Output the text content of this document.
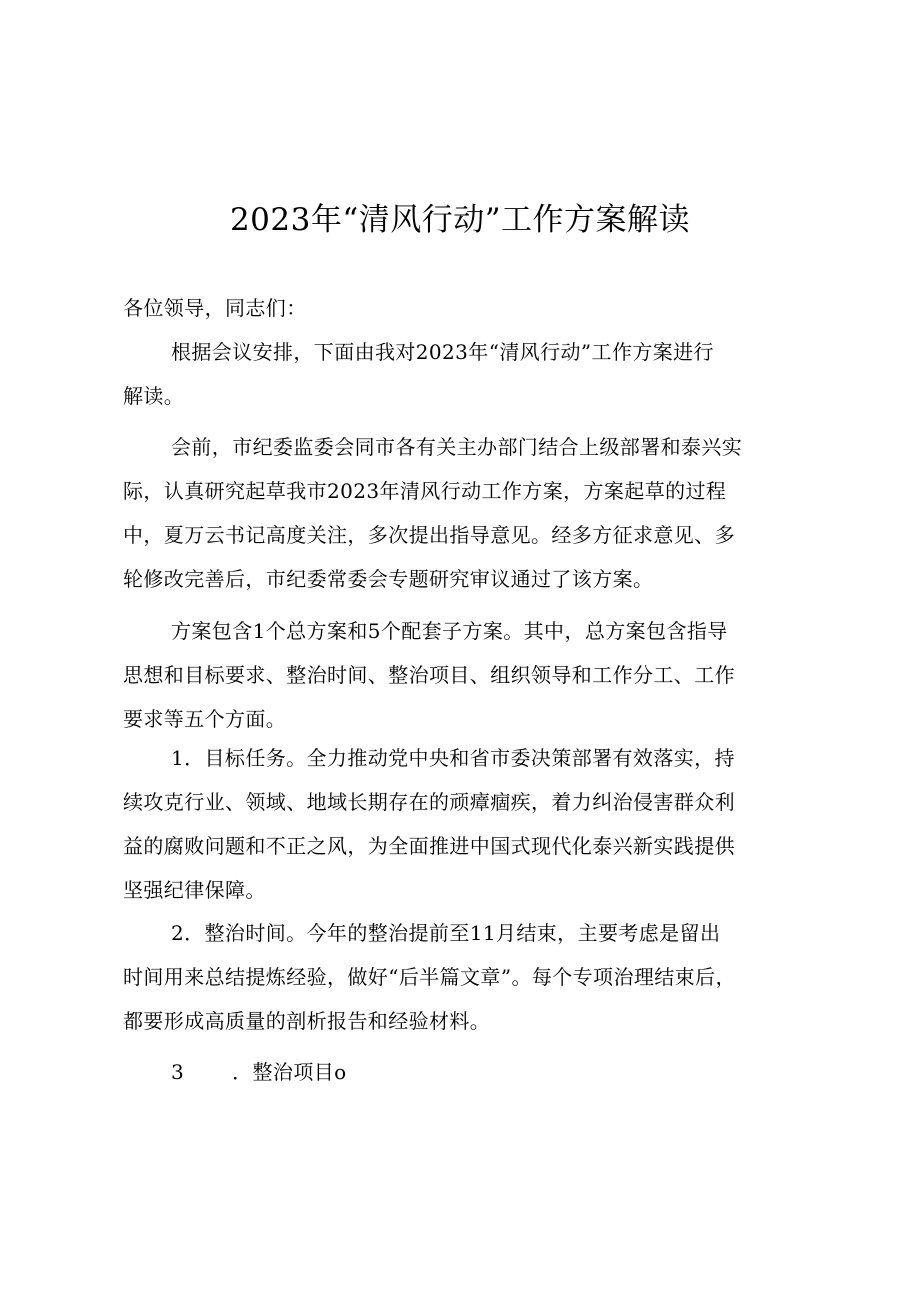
2023年“清风行动”工作方案解读
各位领导，同志们：
根据会议安排，下面由我对2023年“清风行动”工作方案进行
解读。
会前，市纪委监委会同市各有关主办部门结合上级部署和泰兴实
际，认真研究起草我市2023年清风行动工作方案，方案起草的过程
中，夏万云书记高度关注，多次提出指导意见。经多方征求意见、多
轮修改完善后，市纪委常委会专题研究审议通过了该方案。
方案包含1个总方案和5个配套子方案。其中，总方案包含指导
思想和目标要求、整治时间、整治项目、组织领导和工作分工、工作
要求等五个方面。
1．目标任务。全力推动党中央和省市委决策部署有效落实，持
续攻克行业、领域、地域长期存在的顽瘴痼疾，着力纠治侵害群众利
益的腐败问题和不正之风，为全面推进中国式现代化泰兴新实践提供
坚强纪律保障。
2．整治时间。今年的整治提前至11月结束，主要考虑是留出
时间用来总结提炼经验，做好“后半篇文章”。每个专项治理结束后，
都要形成高质量的剖析报告和经验材料。
3 ．整治项目o
